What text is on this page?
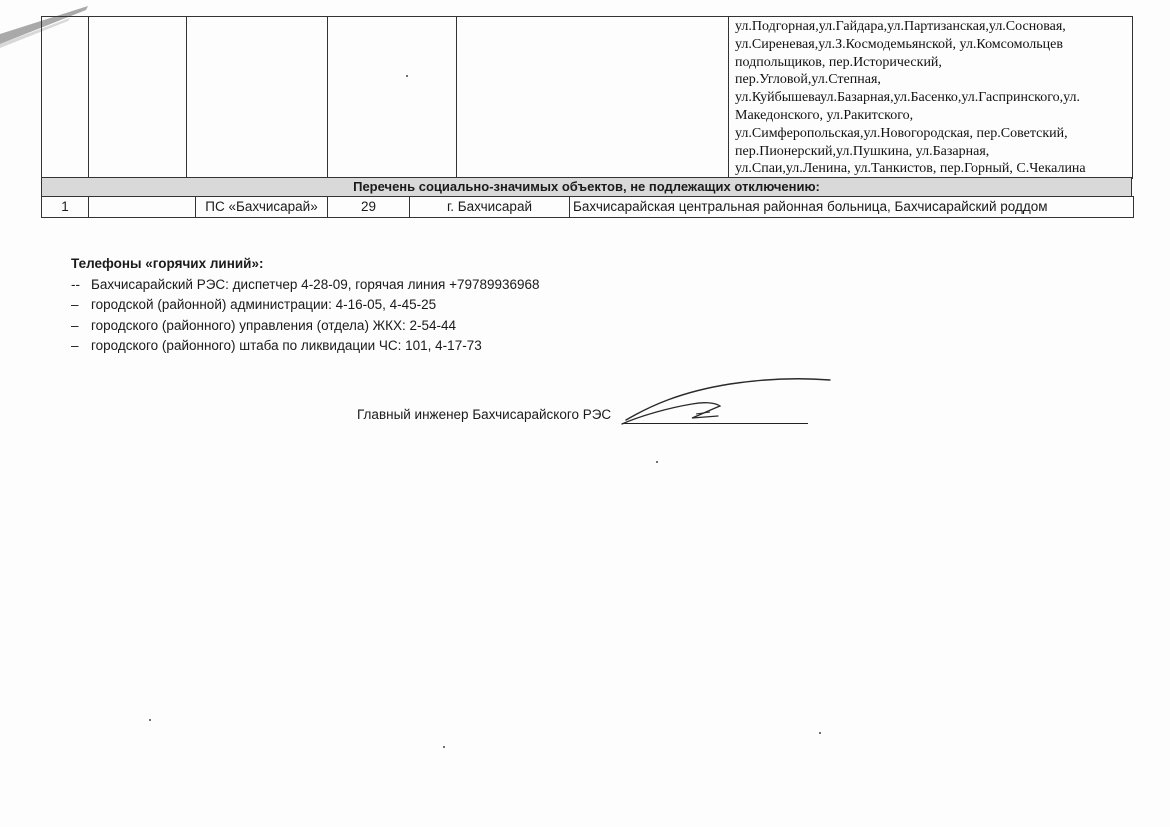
ул.Подгорная,ул.Гайдара,ул.Партизанская,ул.Сосновая,
ул.Сиреневая,ул.З.Космодемьянской, ул.Комсомольцев
подпольщиков, пер.Исторический,
пер.Угловой,ул.Степная,
ул.Куйбышеваул.Базарная,ул.Басенко,ул.Гаспринского,ул.
Македонского, ул.Ракитского,
ул.Симферопольская,ул.Новогородская, пер.Советский,
пер.Пионерский,ул.Пушкина, ул.Базарная,
ул.Спаи,ул.Ленина, ул.Танкистов, пер.Горный, С.Чекалина
Перечень социально-значимых объектов, не подлежащих отключению:
1		ПС «Бахчисарай»	29	г. Бахчисарай	Бахчисарайская центральная районная больница, Бахчисарайский роддом
Телефоны «горячих линий»:
-- Бахчисарайский РЭС: диспетчер 4-28-09, горячая линия +79789936968
– городской (районной) администрации: 4-16-05, 4-45-25
– городского (районного) управления (отдела) ЖКХ: 2-54-44
– городского (районного) штаба по ликвидации ЧС: 101, 4-17-73
Главный инженер Бахчисарайского РЭС
